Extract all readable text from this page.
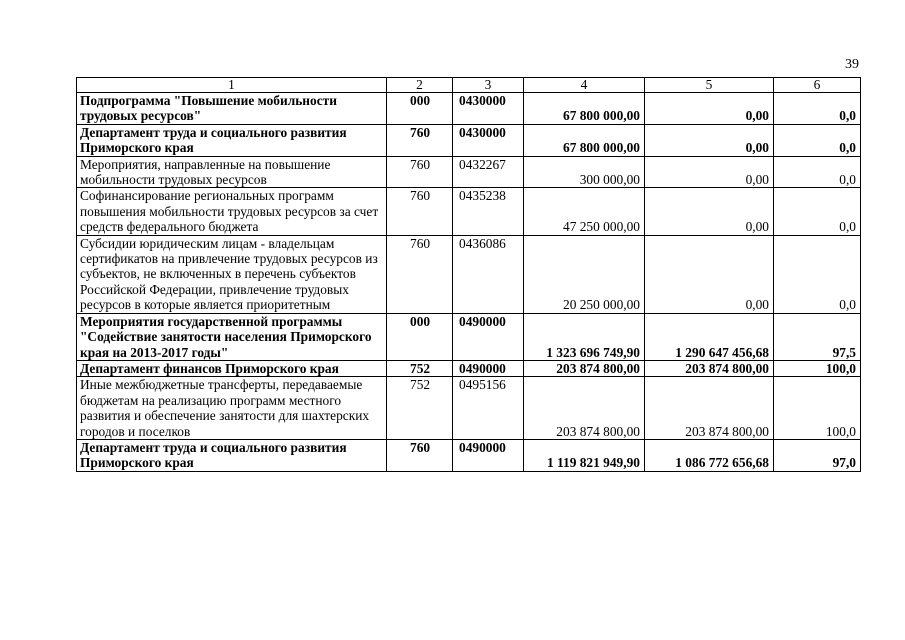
39
1	2	3	4	5	6
Подпрограмма "Повышение мобильности трудовых ресурсов"	000	0430000	67 800 000,00	0,00	0,0
Департамент труда и социального развития Приморского края	760	0430000	67 800 000,00	0,00	0,0
Мероприятия, направленные на повышение мобильности трудовых ресурсов	760	0432267	300 000,00	0,00	0,0
Софинансирование региональных программ повышения мобильности трудовых ресурсов за счет средств федерального бюджета	760	0435238	47 250 000,00	0,00	0,0
Субсидии юридическим лицам - владельцам сертификатов на привлечение трудовых ресурсов из субъектов, не включенных в перечень субъектов Российской Федерации, привлечение трудовых ресурсов в которые является приоритетным	760	0436086	20 250 000,00	0,00	0,0
Мероприятия государственной программы "Содействие занятости населения Приморского края на 2013-2017 годы"	000	0490000	1 323 696 749,90	1 290 647 456,68	97,5
Департамент финансов Приморского края	752	0490000	203 874 800,00	203 874 800,00	100,0
Иные межбюджетные трансферты, передаваемые бюджетам на реализацию программ местного развития и обеспечение занятости для шахтерских городов и поселков	752	0495156	203 874 800,00	203 874 800,00	100,0
Департамент труда и социального развития Приморского края	760	0490000	1 119 821 949,90	1 086 772 656,68	97,0
